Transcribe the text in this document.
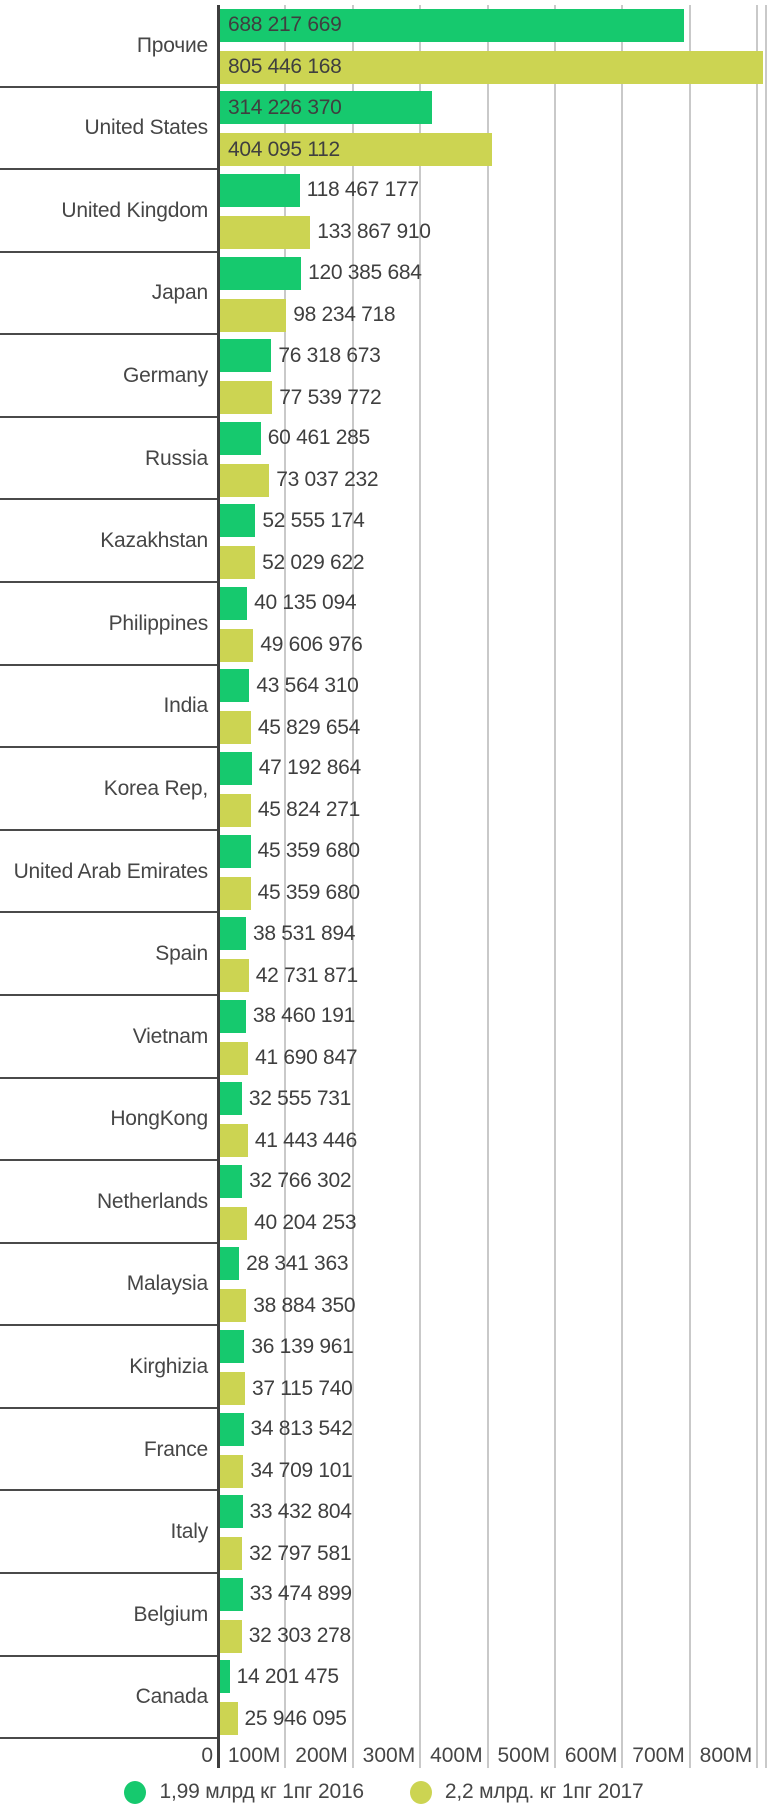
Прочие
688 217 669
805 446 168
United States
314 226 370
404 095 112
United Kingdom
118 467 177
133 867 910
Japan
120 385 684
98 234 718
Germany
76 318 673
77 539 772
Russia
60 461 285
73 037 232
Kazakhstan
52 555 174
52 029 622
Philippines
40 135 094
49 606 976
India
43 564 310
45 829 654
Korea Rep,
47 192 864
45 824 271
United Arab Emirates
45 359 680
45 359 680
Spain
38 531 894
42 731 871
Vietnam
38 460 191
41 690 847
HongKong
32 555 731
41 443 446
Netherlands
32 766 302
40 204 253
Malaysia
28 341 363
38 884 350
Kirghizia
36 139 961
37 115 740
France
34 813 542
34 709 101
Italy
33 432 804
32 797 581
Belgium
33 474 899
32 303 278
Canada
14 201 475
25 946 095
0 100M 200M 300M 400M 500M 600M 700M 800M
1,99 млрд кг 1пг 2016	2,2 млрд. кг 1пг 2017
